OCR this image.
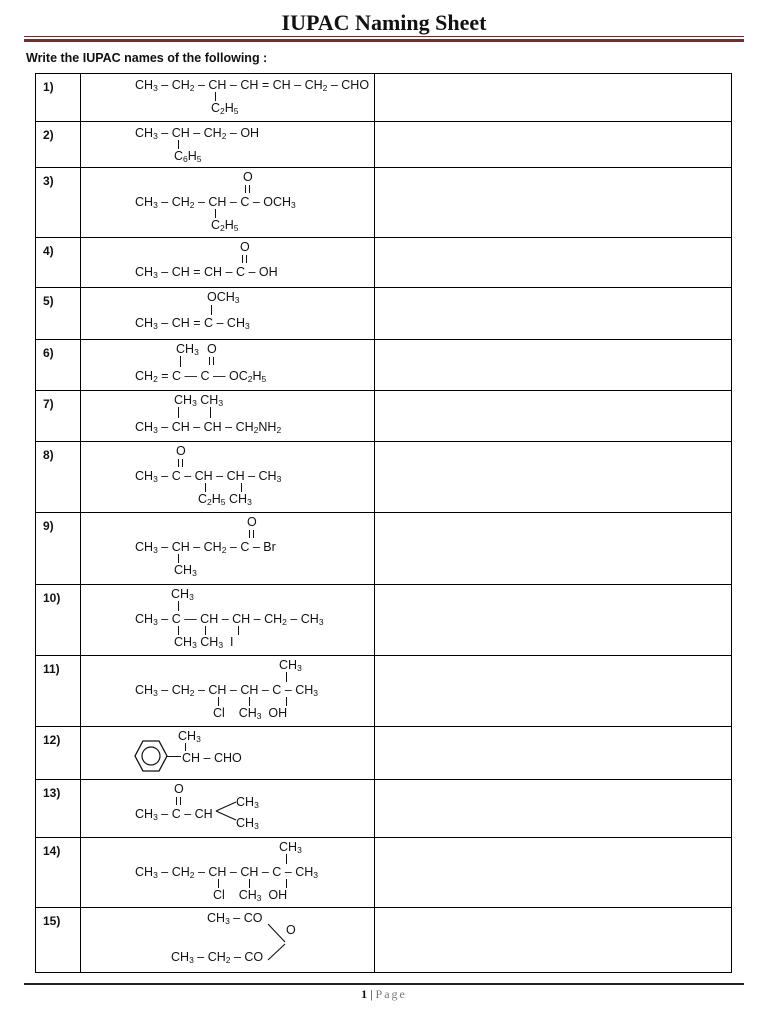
IUPAC Naming Sheet
Write the IUPAC names of the following :
1)	$CH_3 - CH_2$ – CH – CH = CH – $CH_2$ – CHO
$C_2H_5$

2)	$CH_3$ – CH – $CH_2$ – OH
$C_6H_5$

3)	O
$CH_3 - CH_2$ – CH – C – $OCH_3$
$C_2H_5$

4)	O
$CH_3$ – CH = CH – C – OH	

5)	$OCH_3$
$CH_3$ – CH = C – $CH_3$

6)	$CH_3$ O
$CH_2 = C$ — C — $OC_2H_5$

7)	$CH_3$ $CH_3$
$CH_3$ – CH – CH – $CH_2NH_2$

8)	O
$CH_3$ – C – CH – CH – $CH_3$
$C_2H_5$ $CH_3$

9)	O
$CH_3$ – CH – $CH_2$ – C – Br
$CH_3$

10)	$CH_3$
$CH_3$ – C — CH – CH – $CH_2 - CH_3$
$CH_3$ $CH_3$  I	

11)	$CH_3$
$CH_3 - CH_2$ – CH – CH – C – $CH_3$
Cl    $CH_3$  OH	

12)	$CH_3$
CH – CHO	

13)	O
$CH_3$ – C – CH
$CH_3$
$CH_3$

14)	$CH_3$
$CH_3 - CH_2$ – CH – CH – C – $CH_3$
Cl    $CH_3$  OH	

15)	$CH_3$ – CO
O
$CH_3 - CH_2$ – CO	

1 | Page
